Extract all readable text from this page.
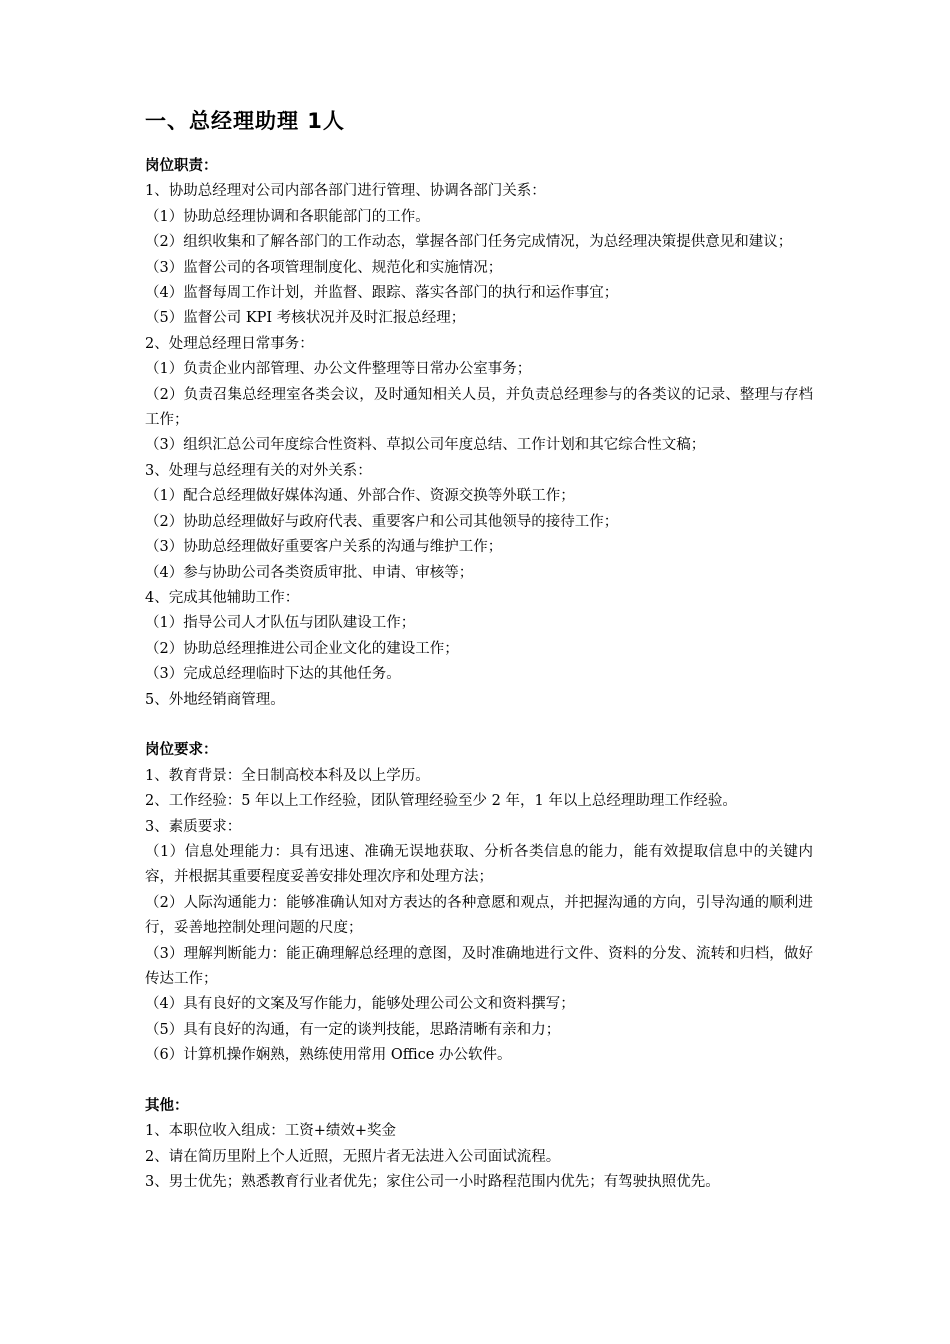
一、总经理助理 1人

岗位职责：

1、协助总经理对公司内部各部门进行管理、协调各部门关系：

（1）协助总经理协调和各职能部门的工作。

（2）组织收集和了解各部门的工作动态，掌握各部门任务完成情况，为总经理决策提供意见和建议；

（3）监督公司的各项管理制度化、规范化和实施情况；

（4）监督每周工作计划，并监督、跟踪、落实各部门的执行和运作事宜；

（5）监督公司 KPI 考核状况并及时汇报总经理；

2、处理总经理日常事务：

（1）负责企业内部管理、办公文件整理等日常办公室事务；

（2）负责召集总经理室各类会议，及时通知相关人员，并负责总经理参与的各类议的记录、整理与存档工作；

（3）组织汇总公司年度综合性资料、草拟公司年度总结、工作计划和其它综合性文稿；

3、处理与总经理有关的对外关系：

（1）配合总经理做好媒体沟通、外部合作、资源交换等外联工作；

（2）协助总经理做好与政府代表、重要客户和公司其他领导的接待工作；

（3）协助总经理做好重要客户关系的沟通与维护工作；

（4）参与协助公司各类资质审批、申请、审核等；

4、完成其他辅助工作：

（1）指导公司人才队伍与团队建设工作；

（2）协助总经理推进公司企业文化的建设工作；

（3）完成总经理临时下达的其他任务。

5、外地经销商管理。

岗位要求：

1、教育背景：全日制高校本科及以上学历。

2、工作经验：5 年以上工作经验，团队管理经验至少 2 年，1 年以上总经理助理工作经验。

3、素质要求：

（1）信息处理能力：具有迅速、准确无误地获取、分析各类信息的能力，能有效提取信息中的关键内容，并根据其重要程度妥善安排处理次序和处理方法；

（2）人际沟通能力：能够准确认知对方表达的各种意愿和观点，并把握沟通的方向，引导沟通的顺利进行，妥善地控制处理问题的尺度；

（3）理解判断能力：能正确理解总经理的意图，及时准确地进行文件、资料的分发、流转和归档，做好传达工作；

（4）具有良好的文案及写作能力，能够处理公司公文和资料撰写；

（5）具有良好的沟通，有一定的谈判技能，思路清晰有亲和力；

（6）计算机操作娴熟，熟练使用常用 Office 办公软件。

其他：

1、本职位收入组成：工资+绩效+奖金

2、请在简历里附上个人近照，无照片者无法进入公司面试流程。

3、男士优先；熟悉教育行业者优先；家住公司一小时路程范围内优先；有驾驶执照优先。
